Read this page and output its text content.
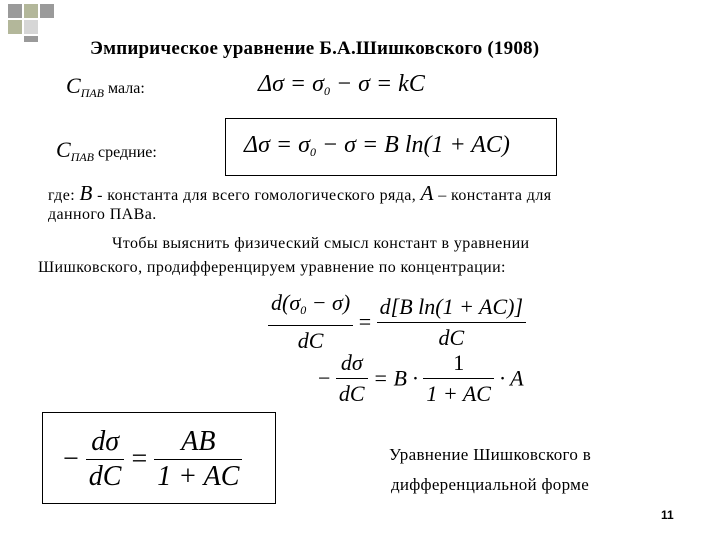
Эмпирическое уравнение Б.А.Шишковского (1908)
$C_{ПАВ}$ мала:	$\Delta\sigma = \sigma_0 - \sigma$ = kC
$C_{ПАВ}$ средние:	$\Delta\sigma = \sigma_0 - \sigma = B$ ln(1 + AC)
где: B - константа для всего гомологического ряда, A – константа для
данного ПАВа.
Чтобы выяснить физический смысл констант в уравнении
Шишковского, продифференцируем уравнение по концентрации:
$\frac{d(\sigma_0 - \sigma)}{dC} = \frac{\text{d[B ln(1 + AC)]}}{dC}$
− $\frac{d\sigma}{dC} = B \cdot \frac{1}{1 + AC} \cdot A$
− $\frac{d\sigma}{dC} = \frac{AB}{1 + AC}$	Уравнение Шишковского в
дифференциальной форме
11
